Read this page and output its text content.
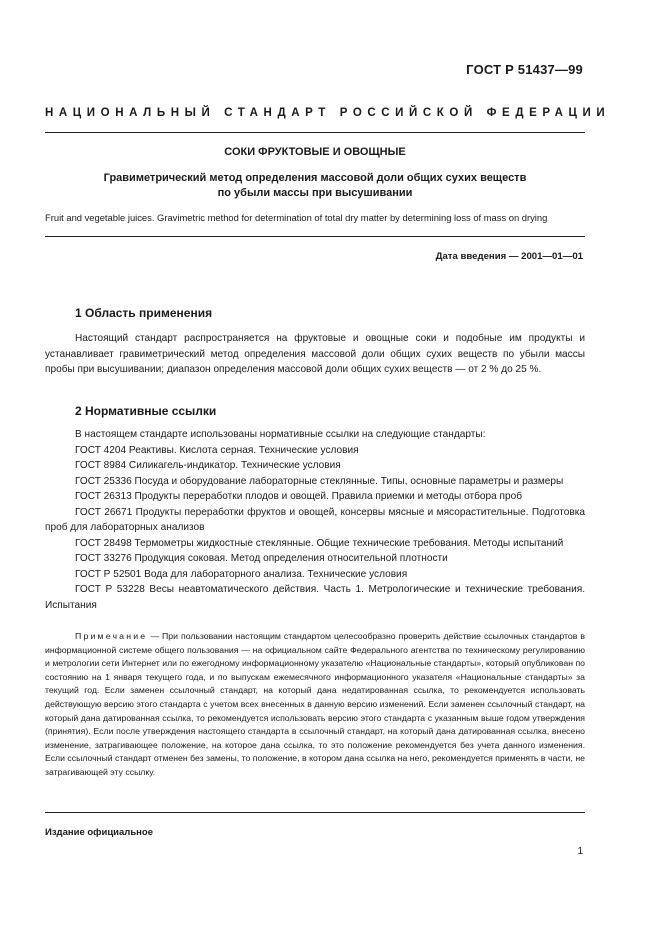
ГОСТ Р 51437—99
НАЦИОНАЛЬНЫЙ СТАНДАРТ РОССИЙСКОЙ ФЕДЕРАЦИИ
СОКИ ФРУКТОВЫЕ И ОВОЩНЫЕ
Гравиметрический метод определения массовой доли общих сухих веществ
по убыли массы при высушивании
Fruit and vegetable juices. Gravimetric method for determination of total dry matter by determining loss of mass on drying
Дата введения — 2001—01—01
1 Область применения

Настоящий стандарт распространяется на фруктовые и овощные соки и подобные им продукты и устанавливает гравиметрический метод определения массовой доли общих сухих веществ по убыли массы пробы при высушивании; диапазон определения массовой доли общих сухих веществ — от 2 % до 25 %.

2 Нормативные ссылки

В настоящем стандарте использованы нормативные ссылки на следующие стандарты:

ГОСТ 4204 Реактивы. Кислота серная. Технические условия

ГОСТ 8984 Силикагель-индикатор. Технические условия

ГОСТ 25336 Посуда и оборудование лабораторные стеклянные. Типы, основные параметры и размеры

ГОСТ 26313 Продукты переработки плодов и овощей. Правила приемки и методы отбора проб

ГОСТ 26671 Продукты переработки фруктов и овощей, консервы мясные и мясорастительные. Подготовка проб для лабораторных анализов

ГОСТ 28498 Термометры жидкостные стеклянные. Общие технические требования. Методы испытаний

ГОСТ 33276 Продукция соковая. Метод определения относительной плотности

ГОСТ Р 52501 Вода для лабораторного анализа. Технические условия

ГОСТ Р 53228 Весы неавтоматического действия. Часть 1. Метрологические и технические требования. Испытания

Примечание — При пользовании настоящим стандартом целесообразно проверить действие ссылочных стандартов в информационной системе общего пользования — на официальном сайте Федерального агентства по техническому регулированию и метрологии сети Интернет или по ежегодному информационному указателю «Национальные стандарты», который опубликован по состоянию на 1 января текущего года, и по выпускам ежемесячного информационного указателя «Национальные стандарты» за текущий год. Если заменен ссылочный стандарт, на который дана недатированная ссылка, то рекомендуется использовать действующую версию этого стандарта с учетом всех внесенных в данную версию изменений. Если заменен ссылочный стандарт, на который дана датированная ссылка, то рекомендуется использовать версию этого стандарта с указанным выше годом утверждения (принятия). Если после утверждения настоящего стандарта в ссылочный стандарт, на который дана датированная ссылка, внесено изменение, затрагивающее положение, на которое дана ссылка, то это положение рекомендуется без учета данного изменения. Если ссылочный стандарт отменен без замены, то положение, в котором дана ссылка на него, рекомендуется применять в части, не затрагивающей эту ссылку.

Издание официальное
1
